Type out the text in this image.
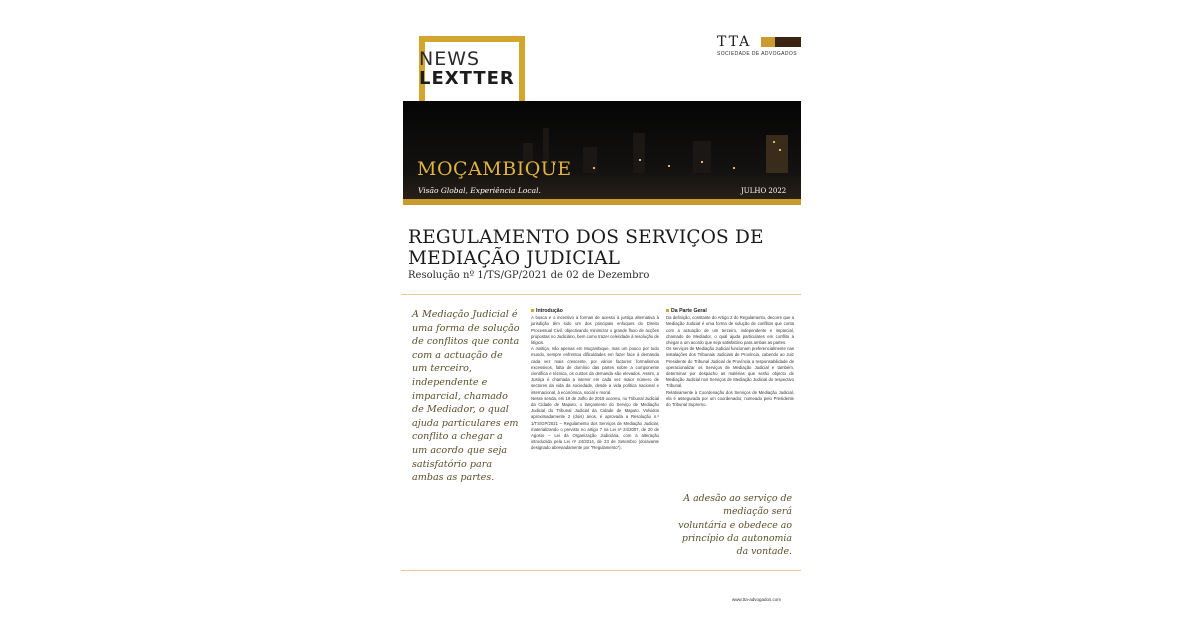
NEWS
LEXTTER
TTA
SOCIEDADE DE ADVOGADOS
MOÇAMBIQUE
Visão Global, Experiência Local.	JULHO 2022
REGULAMENTO DOS SERVIÇOS DE MEDIAÇÃO JUDICIAL
Resolução nº 1/TS/GP/2021 de 02 de Dezembro
A Mediação Judicial é uma forma de solução de conflitos que conta com a actuação de um terceiro, independente e imparcial, chamado de Mediador, o qual ajuda particulares em conflito a chegar a um acordo que seja satisfatório para ambas as partes.

Introdução

A busca e o incentivo a formas de acesso à justiça alternativa à jurisdição têm sido um dos principais enfoques do Direito Processual Civil, objectivando minimizar o grande fluxo de acções propostas no Judiciário, bem como trazer celeridade à resolução de litígios.

A Justiça, não apenas em Moçambique, mas um pouco por todo mundo, sempre enfrentou dificuldades em fazer face à demanda cada vez mais crescente, por vários factores: formalismos excessivos, falta de domínio das partes sobre a componente científica e técnica, os custos da demanda são elevados. Assim, a Justiça é chamada a intervir em cada vez maior número de sectores da vida da sociedade, desde a vida política nacional e internacional, à económica, social e moral.

Nesse senda, em 19 de Julho de 2019 ocorreu, no Tribunal Judicial da Cidade de Maputo, o lançamento do Serviço de Mediação Judicial do Tribunal Judicial da Cidade de Maputo. Volvidos aproximadamente 2 (dois) anos, é aprovada a Resolução n.º 1/TS/GP/2021 – Regulamento dos Serviços de Mediação Judicial, materializando o previsto no artigo 7 na Lei nº 24/2007, de 20 de Agosto – Lei da Organização Judiciária, com a alteração introduzida pela Lei nº 24/2014, de 23 de Setembro (doravante designado abreviadamente por "Regulamento").

Da Parte Geral

Da definição, constante do Artigo 2 do Regulamento, decorre que a Mediação Judicial é uma forma de solução de conflitos que conta com a actuação de um terceiro, independente e imparcial, chamado de Mediador, o qual ajuda particulares em conflito a chegar a um acordo que seja satisfatório para ambas as partes.

Os serviços de Mediação Judicial funcionam preferencialmente nas instalações dos Tribunais Judiciais de Província, cabendo ao Juiz Presidente do Tribunal Judicial de Província a responsabilidade de operacionalizar os Serviços de Mediação Judicial e também, determinar por despacho as matérias que serão objecto de Mediação Judicial nos Serviços de Mediação Judicial do respectivo Tribunal.

Relativamente à Coordenação dos Serviços de Mediação Judicial, ela é assegurada por um coordenador, nomeado pelo Presidente do Tribunal Supremo.

A adesão ao serviço de mediação será voluntária e obedece ao princípio da autonomia da vontade.
www.tta-advogados.com
